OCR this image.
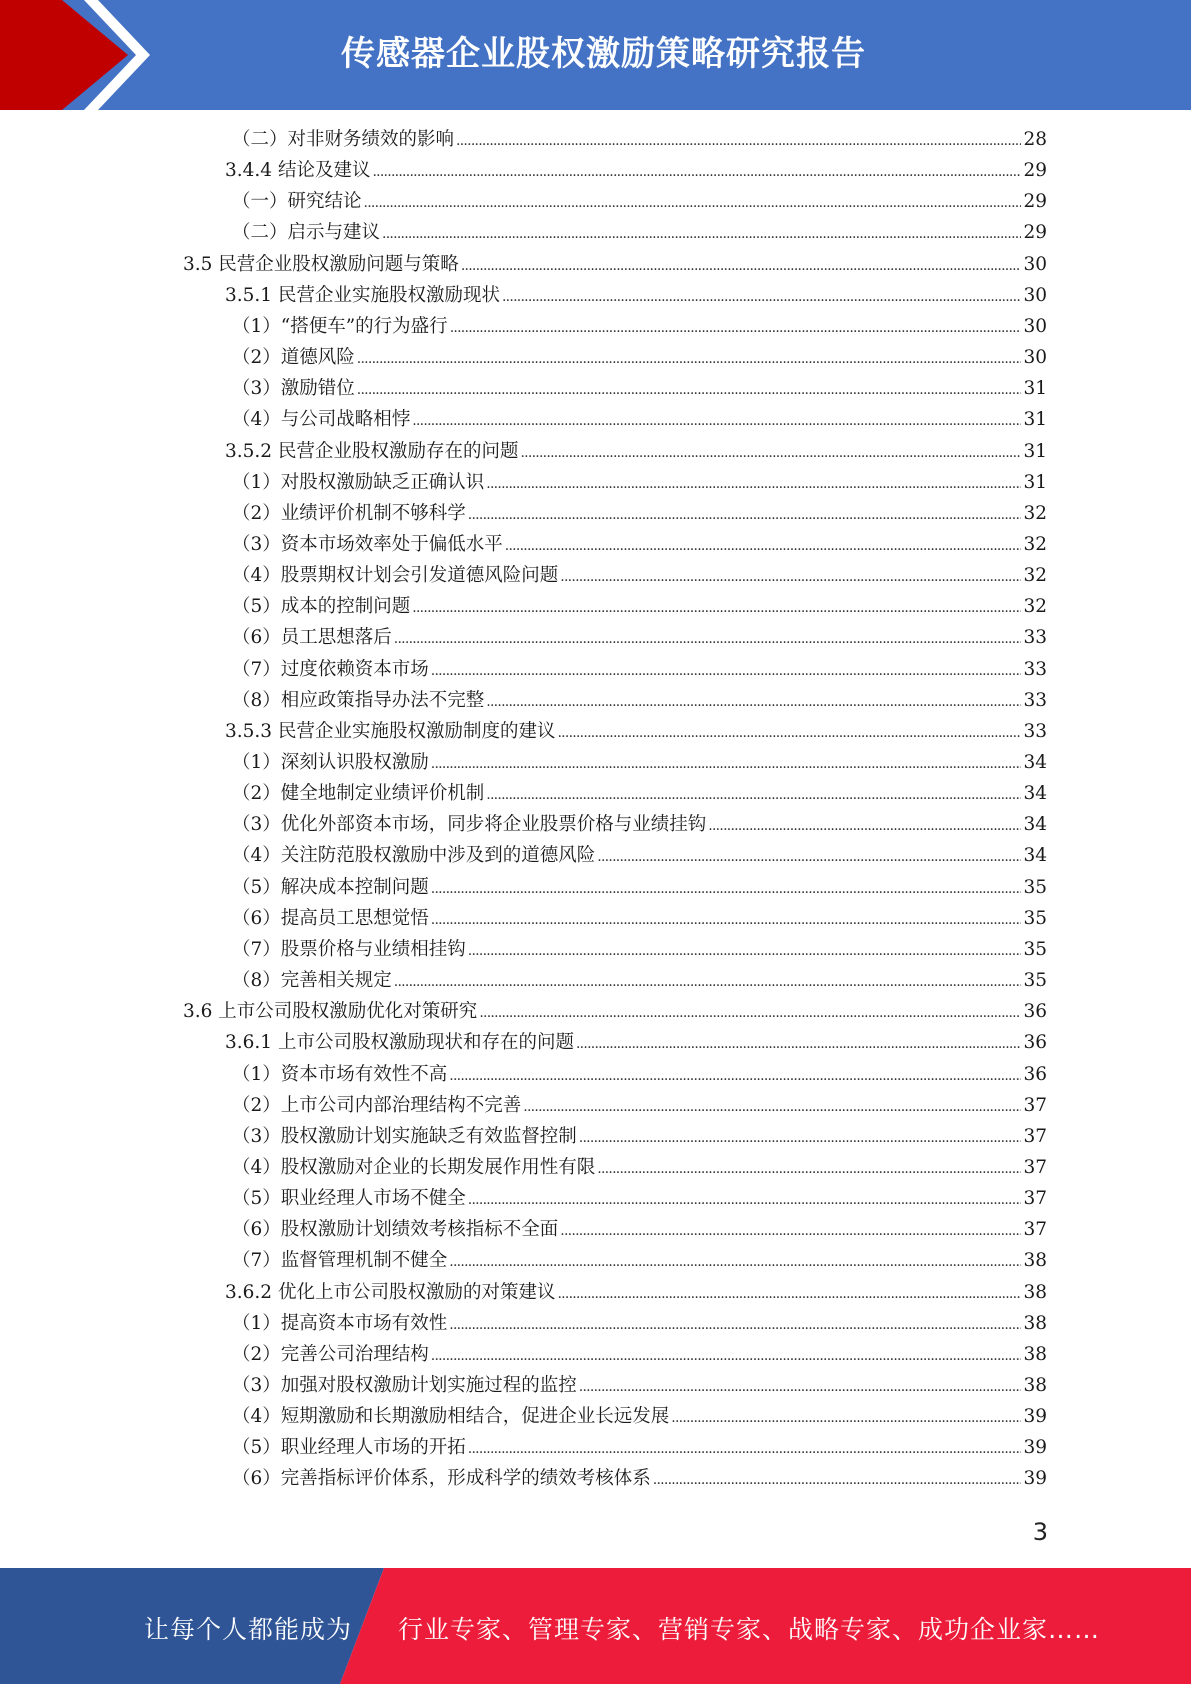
传感器企业股权激励策略研究报告
（二）对非财务绩效的影响 . . .	28
3.4.4 结论及建议 . . .	29
（一）研究结论 . . .	29
（二）启示与建议 . . .	29
3.5 民营企业股权激励问题与策略 . . .	30
3.5.1 民营企业实施股权激励现状 . . .	30
（1）“搭便车”的行为盛行 . . .	30
（2）道德风险 . . .	30
（3）激励错位 . . .	31
（4）与公司战略相悖 . . .	31
3.5.2 民营企业股权激励存在的问题 . . .	31
（1）对股权激励缺乏正确认识 . . .	31
（2）业绩评价机制不够科学 . . .	32
（3）资本市场效率处于偏低水平 . . .	32
（4）股票期权计划会引发道德风险问题 . . .	32
（5）成本的控制问题 . . .	32
（6）员工思想落后 . . .	33
（7）过度依赖资本市场 . . .	33
（8）相应政策指导办法不完整 . . .	33
3.5.3 民营企业实施股权激励制度的建议 . . .	33
（1）深刻认识股权激励 . . .	34
（2）健全地制定业绩评价机制 . . .	34
（3）优化外部资本市场，同步将企业股票价格与业绩挂钩 . . .	34
（4）关注防范股权激励中涉及到的道德风险 . . .	34
（5）解决成本控制问题 . . .	35
（6）提高员工思想觉悟 . . .	35
（7）股票价格与业绩相挂钩 . . .	35
（8）完善相关规定 . . .	35
3.6 上市公司股权激励优化对策研究 . . .	36
3.6.1 上市公司股权激励现状和存在的问题 . . .	36
（1）资本市场有效性不高 . . .	36
（2）上市公司内部治理结构不完善 . . .	37
（3）股权激励计划实施缺乏有效监督控制 . . .	37
（4）股权激励对企业的长期发展作用性有限 . . .	37
（5）职业经理人市场不健全 . . .	37
（6）股权激励计划绩效考核指标不全面 . . .	37
（7）监督管理机制不健全 . . .	38
3.6.2 优化上市公司股权激励的对策建议 . . .	38
（1）提高资本市场有效性 . . .	38
（2）完善公司治理结构 . . .	38
（3）加强对股权激励计划实施过程的监控 . . .	38
（4）短期激励和长期激励相结合，促进企业长远发展 . . .	39
（5）职业经理人市场的开拓 . . .	39
（6）完善指标评价体系，形成科学的绩效考核体系 . . .	39
3
让每个人都能成为 行业专家、管理专家、营销专家、战略专家、成功企业家……
